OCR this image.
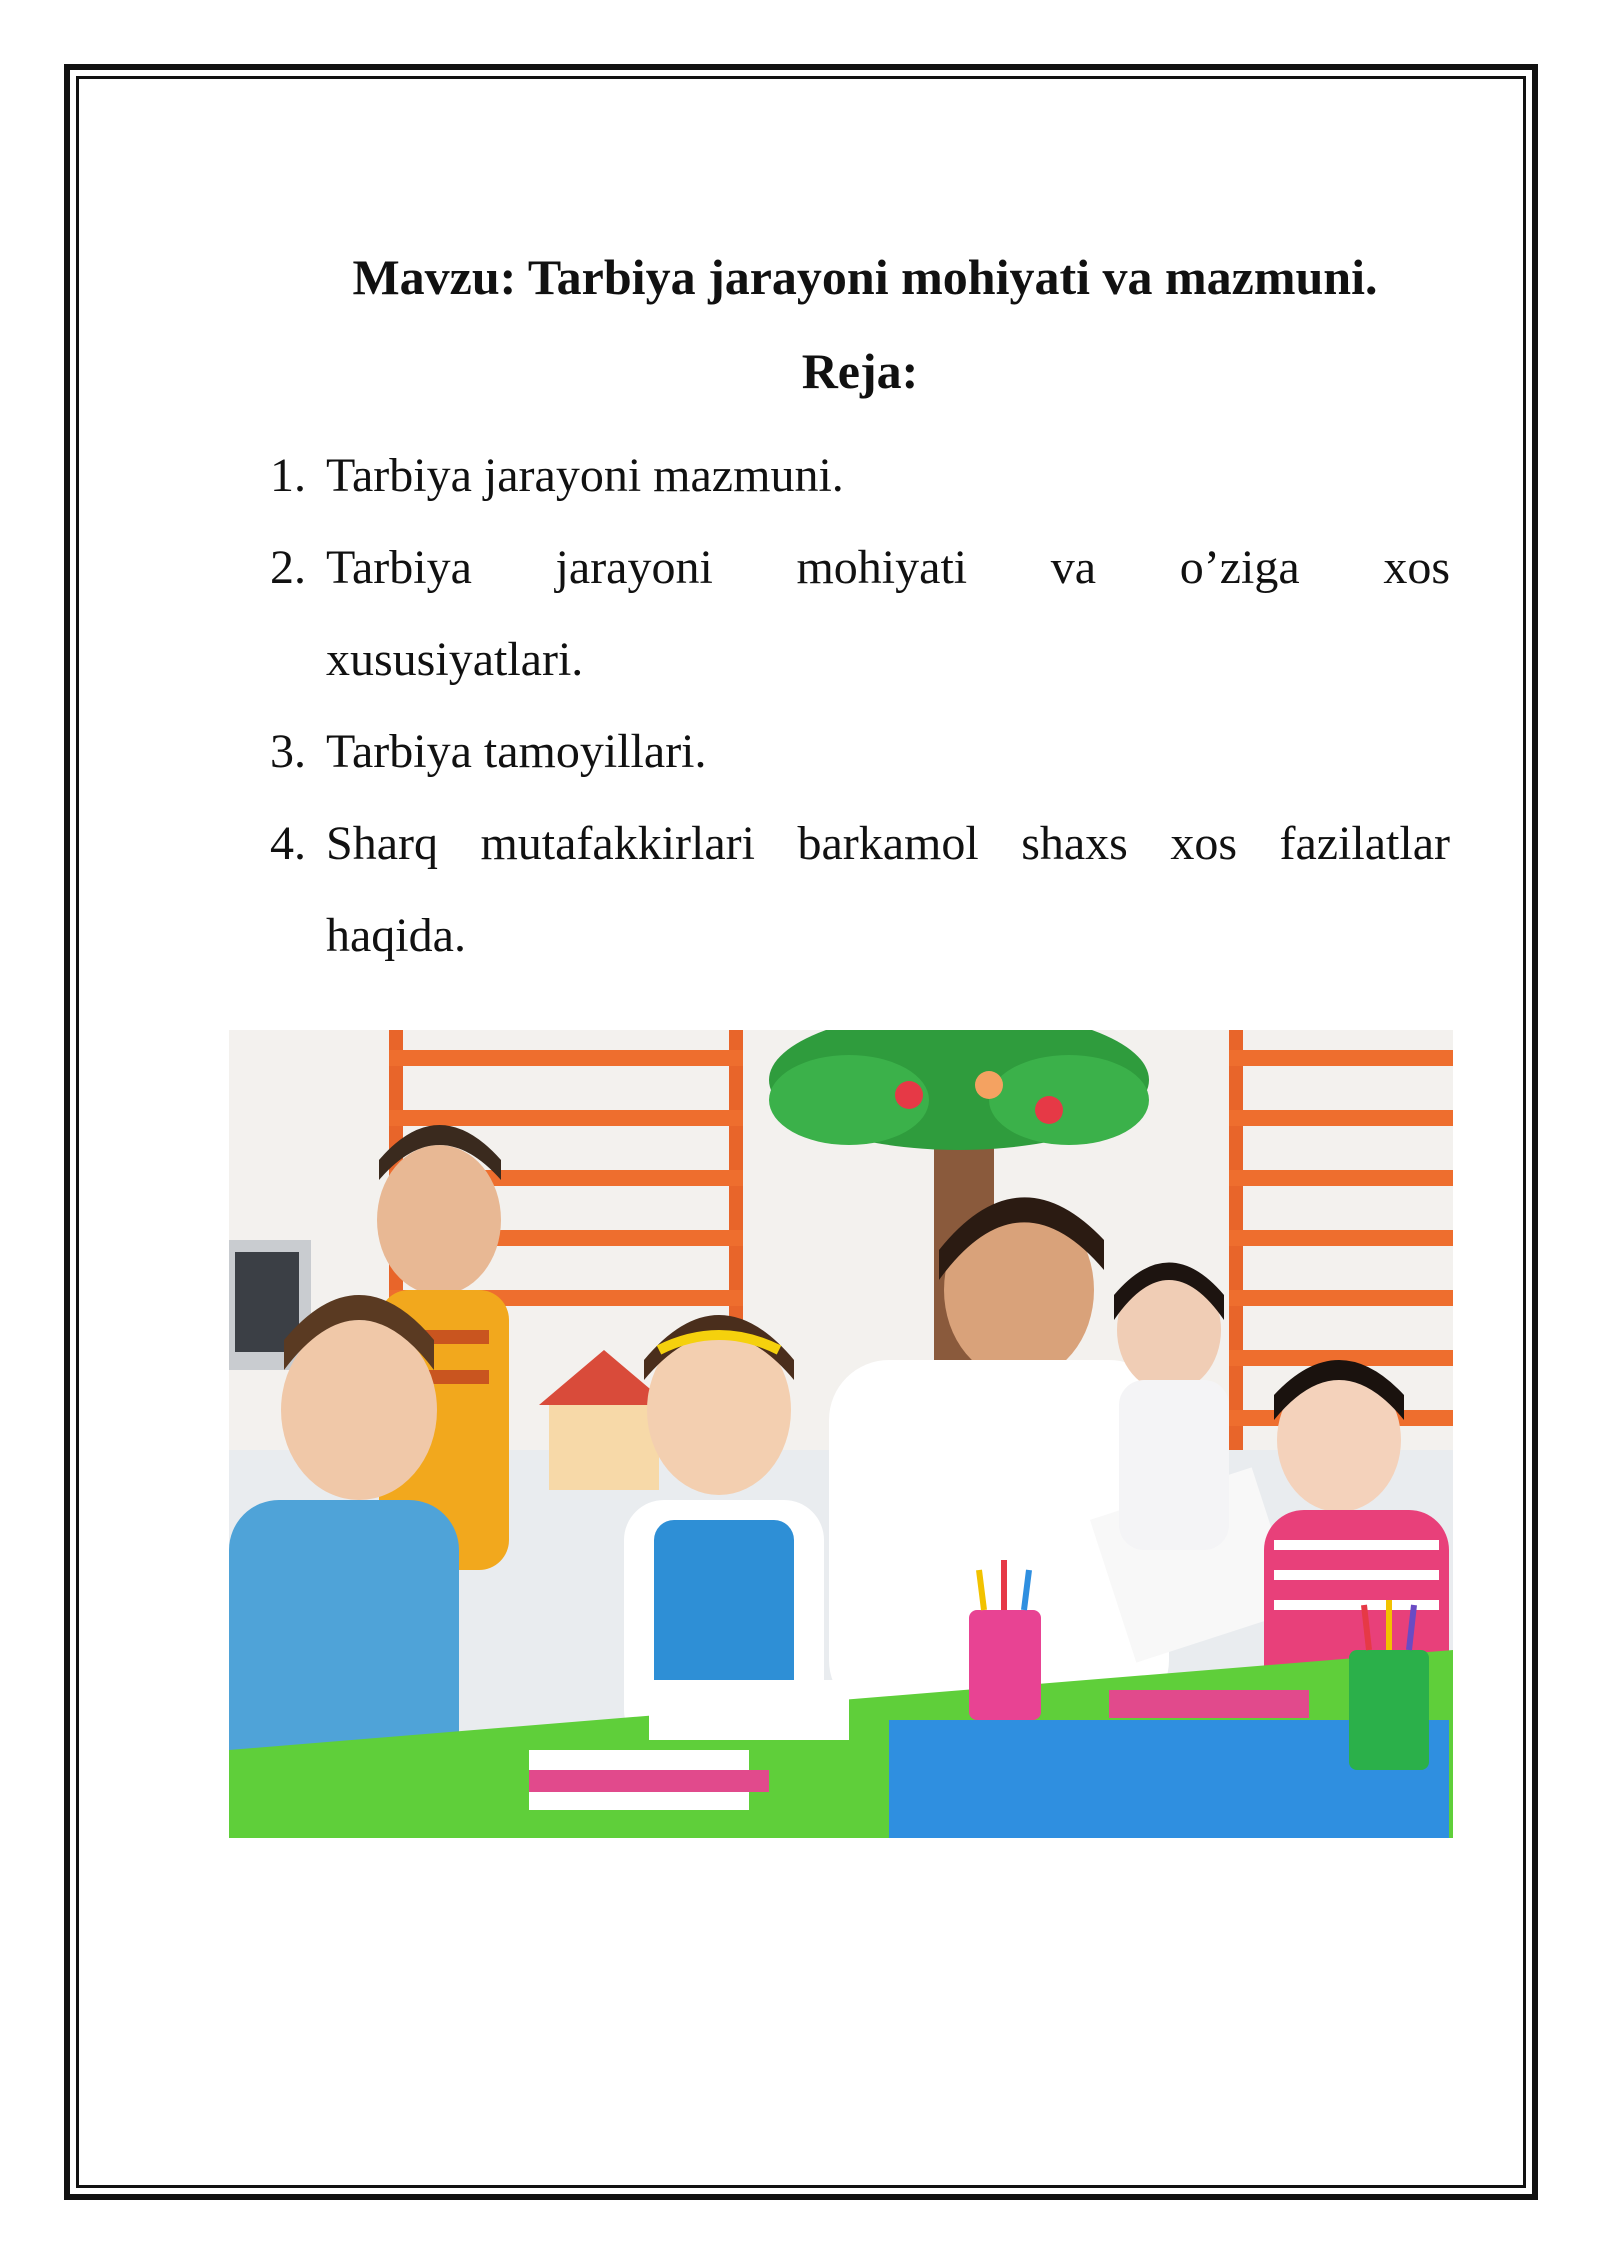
Mavzu: Tarbiya jarayoni mohiyati va mazmuni.
Reja:
1. Tarbiya jarayoni mazmuni.
2. Tarbiya jarayoni mohiyati va o’ziga xos
xususiyatlari.
3. Tarbiya tamoyillari.
4. Sharq mutafakkirlari barkamol shaxs xos fazilatlar
haqida.
